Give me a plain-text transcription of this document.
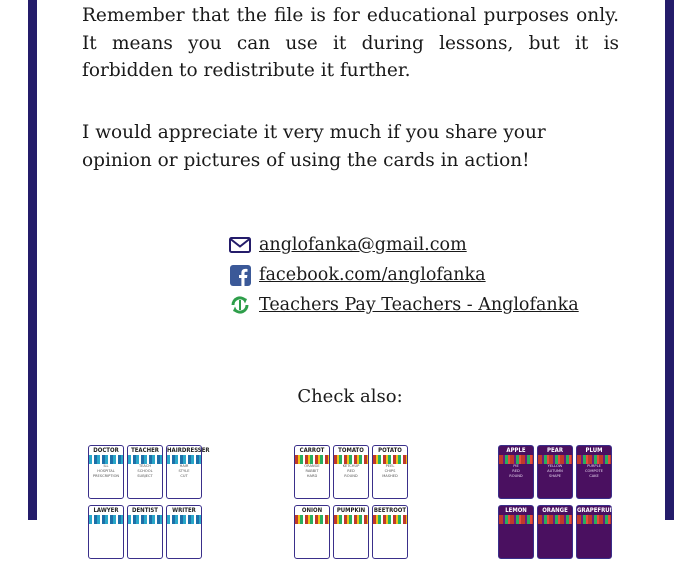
Remember that the file is for educational purposes only. It means you can use it during lessons, but it is forbidden to redistribute it further.

I would appreciate it very much if you share your opinion or pictures of using the cards in action!

anglofanka@gmail.com
facebook.com/anglofanka
Teachers Pay Teachers - Anglofanka
Check also:
DOCTOR
ILL
HOSPITAL
PRESCRIPTION
TEACHER
TEACH
SCHOOL
SUBJECT
HAIRDRESSER
HAIR
STYLE
CUT
LAWYER	DENTIST	WRITER
CARROT
ORANGE
RABBIT
HARD
TOMATO
KETCHUP
RED
ROUND
POTATO
PEEL
CHIPS
MASHED
ONION	PUMPKIN	BEETROOT
APPLE
PIE
RED
ROUND
PEAR
YELLOW
AUTUMN
SHAPE
PLUM
PURPLE
COMPOTE
CAKE
LEMON	ORANGE	GRAPEFRUIT
